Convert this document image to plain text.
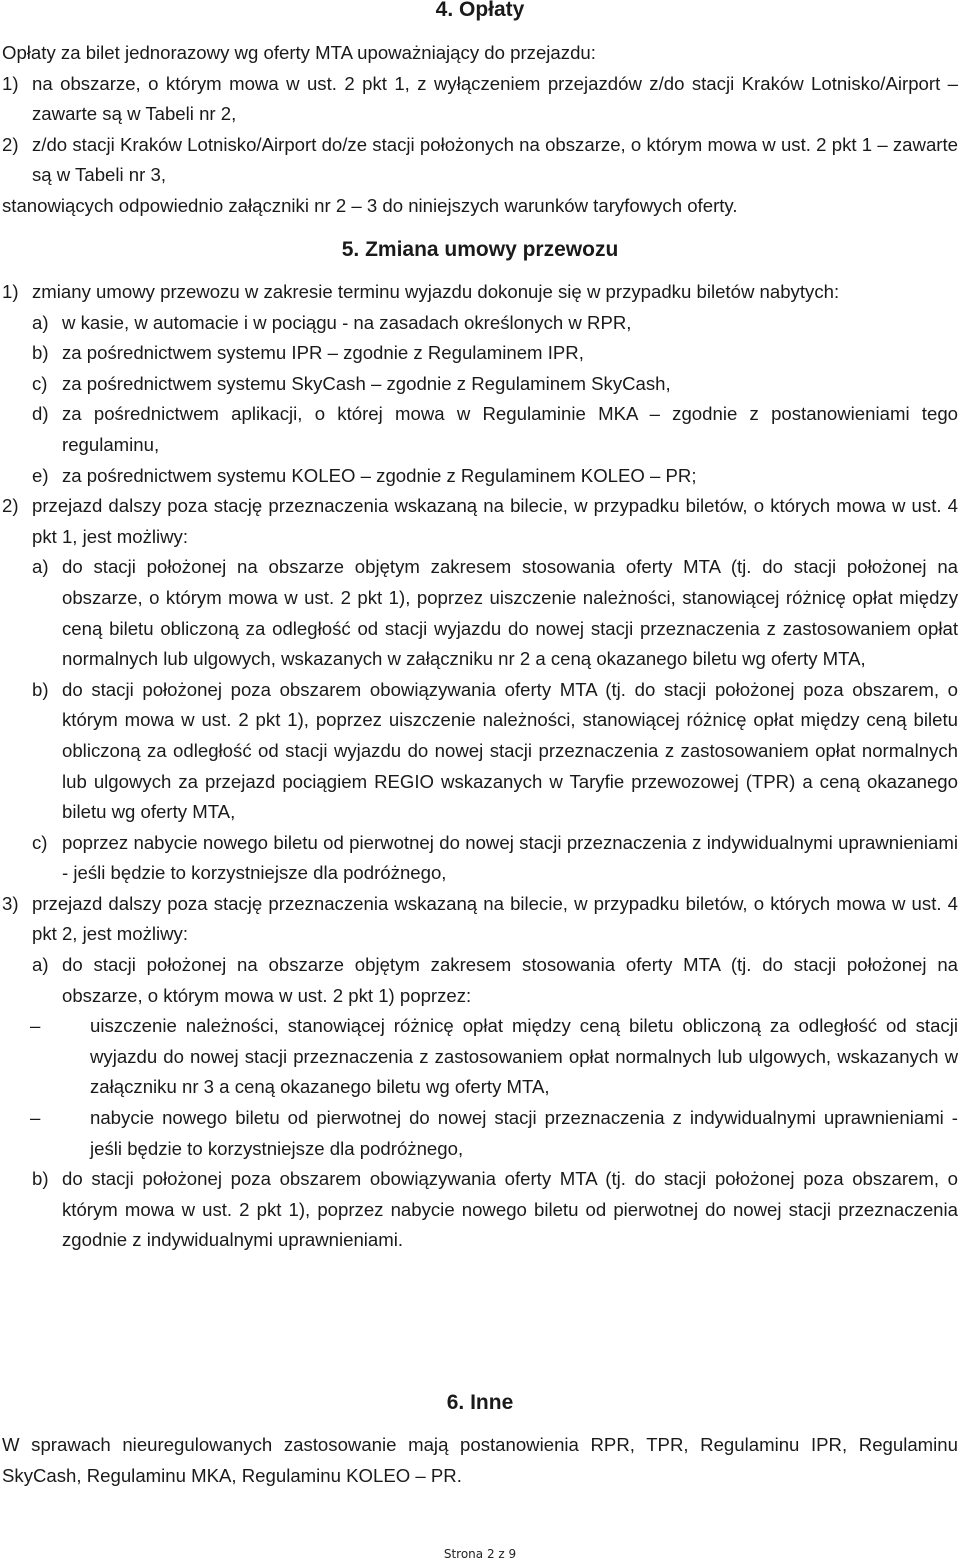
4. Opłaty
Opłaty za bilet jednorazowy wg oferty MTA upoważniający do przejazdu:
1) na obszarze, o którym mowa w ust. 2 pkt 1, z wyłączeniem przejazdów z/do stacji Kraków Lotnisko/Airport – zawarte są w Tabeli nr 2,
2) z/do stacji Kraków Lotnisko/Airport do/ze stacji położonych na obszarze, o którym mowa w ust. 2 pkt 1 – zawarte są w Tabeli nr 3,
stanowiących odpowiednio załączniki nr 2 – 3 do niniejszych warunków taryfowych oferty.
5. Zmiana umowy przewozu
1) zmiany umowy przewozu w zakresie terminu wyjazdu dokonuje się w przypadku biletów nabytych:
a) w kasie, w automacie i w pociągu - na zasadach określonych w RPR,
b) za pośrednictwem systemu IPR – zgodnie z Regulaminem IPR,
c) za pośrednictwem systemu SkyCash – zgodnie z Regulaminem SkyCash,
d) za pośrednictwem aplikacji, o której mowa w Regulaminie MKA – zgodnie z postanowieniami tego regulaminu,
e) za pośrednictwem systemu KOLEO – zgodnie z Regulaminem KOLEO – PR;
2) przejazd dalszy poza stację przeznaczenia wskazaną na bilecie, w przypadku biletów, o których mowa w ust. 4 pkt 1, jest możliwy:
a) do stacji położonej na obszarze objętym zakresem stosowania oferty MTA (tj. do stacji położonej na obszarze, o którym mowa w ust. 2 pkt 1), poprzez uiszczenie należności, stanowiącej różnicę opłat między ceną biletu obliczoną za odległość od stacji wyjazdu do nowej stacji przeznaczenia z zastosowaniem opłat normalnych lub ulgowych, wskazanych w załączniku nr 2 a ceną okazanego biletu wg oferty MTA,
b) do stacji położonej poza obszarem obowiązywania oferty MTA (tj. do stacji położonej poza obszarem, o którym mowa w ust. 2 pkt 1), poprzez uiszczenie należności, stanowiącej różnicę opłat między ceną biletu obliczoną za odległość od stacji wyjazdu do nowej stacji przeznaczenia z zastosowaniem opłat normalnych lub ulgowych za przejazd pociągiem REGIO wskazanych w Taryfie przewozowej (TPR) a ceną okazanego biletu wg oferty MTA,
c) poprzez nabycie nowego biletu od pierwotnej do nowej stacji przeznaczenia z indywidualnymi uprawnieniami - jeśli będzie to korzystniejsze dla podróżnego,
3) przejazd dalszy poza stację przeznaczenia wskazaną na bilecie, w przypadku biletów, o których mowa w ust. 4 pkt 2, jest możliwy:
a) do stacji położonej na obszarze objętym zakresem stosowania oferty MTA (tj. do stacji położonej na obszarze, o którym mowa w ust. 2 pkt 1) poprzez:
–	uiszczenie należności, stanowiącej różnicę opłat między ceną biletu obliczoną za odległość od stacji wyjazdu do nowej stacji przeznaczenia z zastosowaniem opłat normalnych lub ulgowych, wskazanych w załączniku nr 3 a ceną okazanego biletu wg oferty MTA,
–	nabycie nowego biletu od pierwotnej do nowej stacji przeznaczenia z indywidualnymi uprawnieniami - jeśli będzie to korzystniejsze dla podróżnego,
b) do stacji położonej poza obszarem obowiązywania oferty MTA (tj. do stacji położonej poza obszarem, o którym mowa w ust. 2 pkt 1), poprzez nabycie nowego biletu od pierwotnej do nowej stacji przeznaczenia zgodnie z indywidualnymi uprawnieniami.
6. Inne
W sprawach nieuregulowanych zastosowanie mają postanowienia RPR, TPR, Regulaminu IPR, Regulaminu SkyCash, Regulaminu MKA, Regulaminu KOLEO – PR.
Strona 2 z 9
